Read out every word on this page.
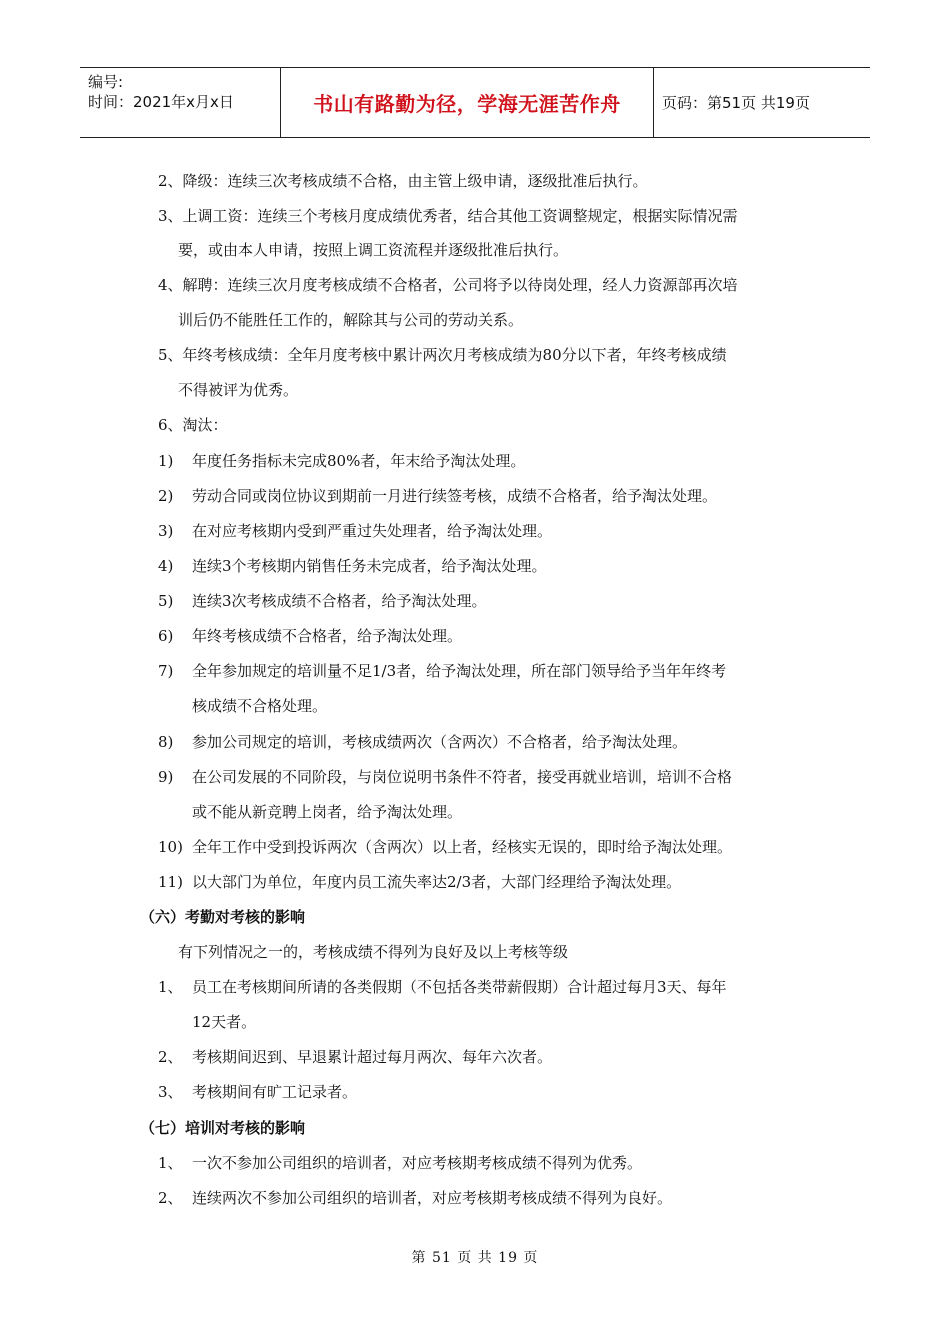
编号:
时间：2021年x月x日	书山有路勤为径，学海无涯苦作舟	页码：第51页 共19页
2、降级：连续三次考核成绩不合格，由主管上级申请，逐级批准后执行。
3、上调工资：连续三个考核月度成绩优秀者，结合其他工资调整规定，根据实际情况需
要，或由本人申请，按照上调工资流程并逐级批准后执行。
4、解聘：连续三次月度考核成绩不合格者，公司将予以待岗处理，经人力资源部再次培
训后仍不能胜任工作的，解除其与公司的劳动关系。
5、年终考核成绩：全年月度考核中累计两次月考核成绩为80分以下者，年终考核成绩
不得被评为优秀。
6、淘汰：
1) 年度任务指标未完成80%者，年末给予淘汰处理。
2) 劳动合同或岗位协议到期前一月进行续签考核，成绩不合格者，给予淘汰处理。
3) 在对应考核期内受到严重过失处理者，给予淘汰处理。
4) 连续3个考核期内销售任务未完成者，给予淘汰处理。
5) 连续3次考核成绩不合格者，给予淘汰处理。
6) 年终考核成绩不合格者，给予淘汰处理。
7) 全年参加规定的培训量不足1/3者，给予淘汰处理，所在部门领导给予当年年终考
核成绩不合格处理。
8) 参加公司规定的培训，考核成绩两次（含两次）不合格者，给予淘汰处理。
9) 在公司发展的不同阶段，与岗位说明书条件不符者，接受再就业培训，培训不合格
或不能从新竞聘上岗者，给予淘汰处理。
10) 全年工作中受到投诉两次（含两次）以上者，经核实无误的，即时给予淘汰处理。
11) 以大部门为单位，年度内员工流失率达2/3者，大部门经理给予淘汰处理。
（六）考勤对考核的影响
有下列情况之一的，考核成绩不得列为良好及以上考核等级
1、 员工在考核期间所请的各类假期（不包括各类带薪假期）合计超过每月3天、每年
12天者。
2、 考核期间迟到、早退累计超过每月两次、每年六次者。
3、 考核期间有旷工记录者。
（七）培训对考核的影响
1、 一次不参加公司组织的培训者，对应考核期考核成绩不得列为优秀。
2、 连续两次不参加公司组织的培训者，对应考核期考核成绩不得列为良好。
第 51 页 共 19 页
